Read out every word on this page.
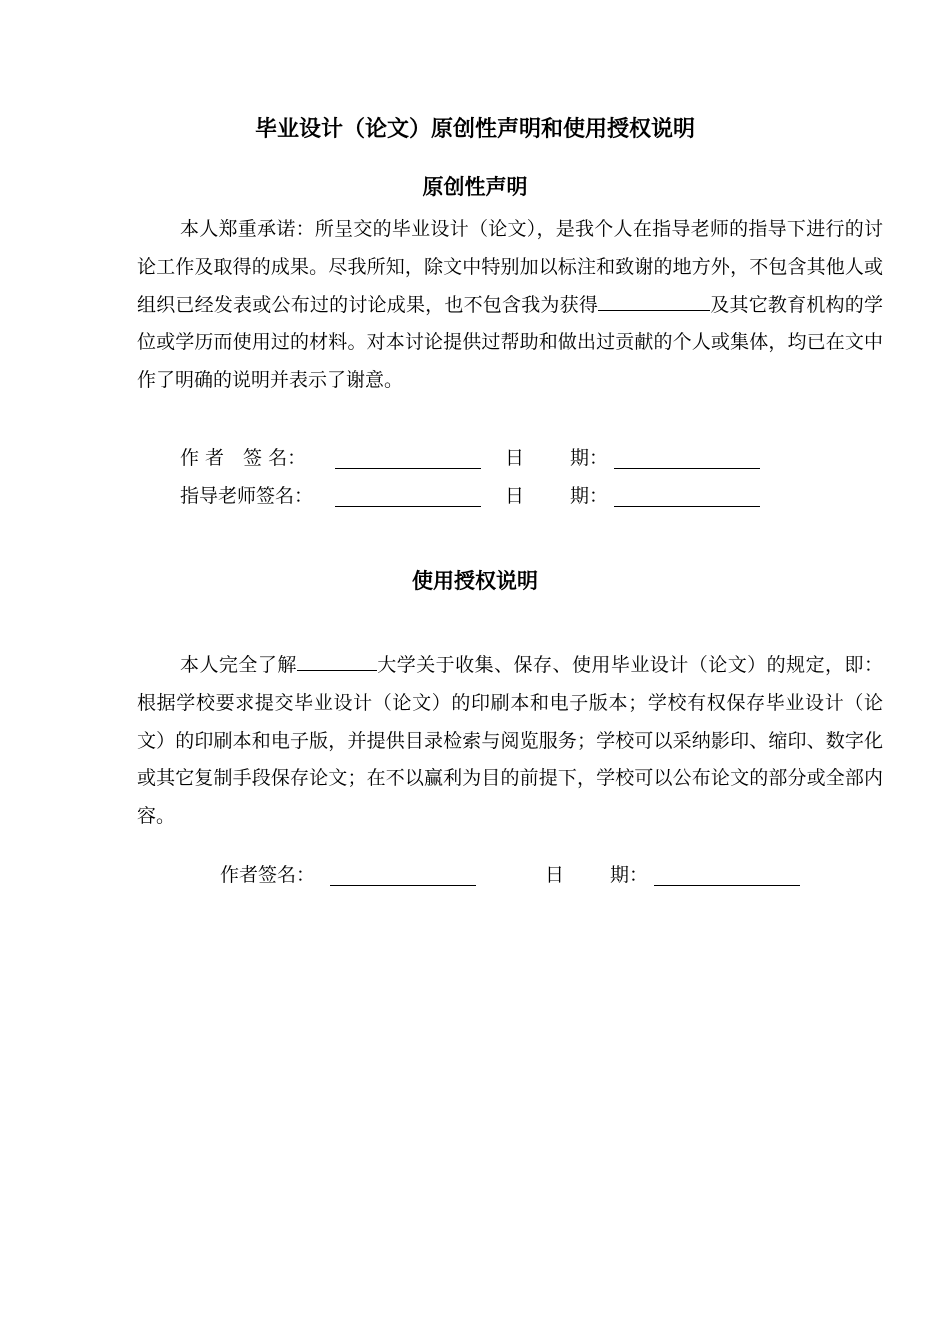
毕业设计（论文）原创性声明和使用授权说明
原创性声明

本人郑重承诺：所呈交的毕业设计（论文），是我个人在指导老师的指导下进行的讨论工作及取得的成果。尽我所知，除文中特别加以标注和致谢的地方外，不包含其他人或组织已经发表或公布过的讨论成果，也不包含我为获得	及其它教育机构的学位或学历而使用过的材料。对本讨论提供过帮助和做出过贡献的个人或集体，均已在文中作了明确的说明并表示了谢意。

作 者　签 名：	日 期：
指导老师签名：	日 期：
使用授权说明

本人完全了解	大学关于收集、保存、使用毕业设计（论文）的规定，即：根据学校要求提交毕业设计（论文）的印刷本和电子版本；学校有权保存毕业设计（论文）的印刷本和电子版，并提供目录检索与阅览服务；学校可以采纳影印、缩印、数字化或其它复制手段保存论文；在不以赢利为目的前提下，学校可以公布论文的部分或全部内容。

作者签名：	日 期：
